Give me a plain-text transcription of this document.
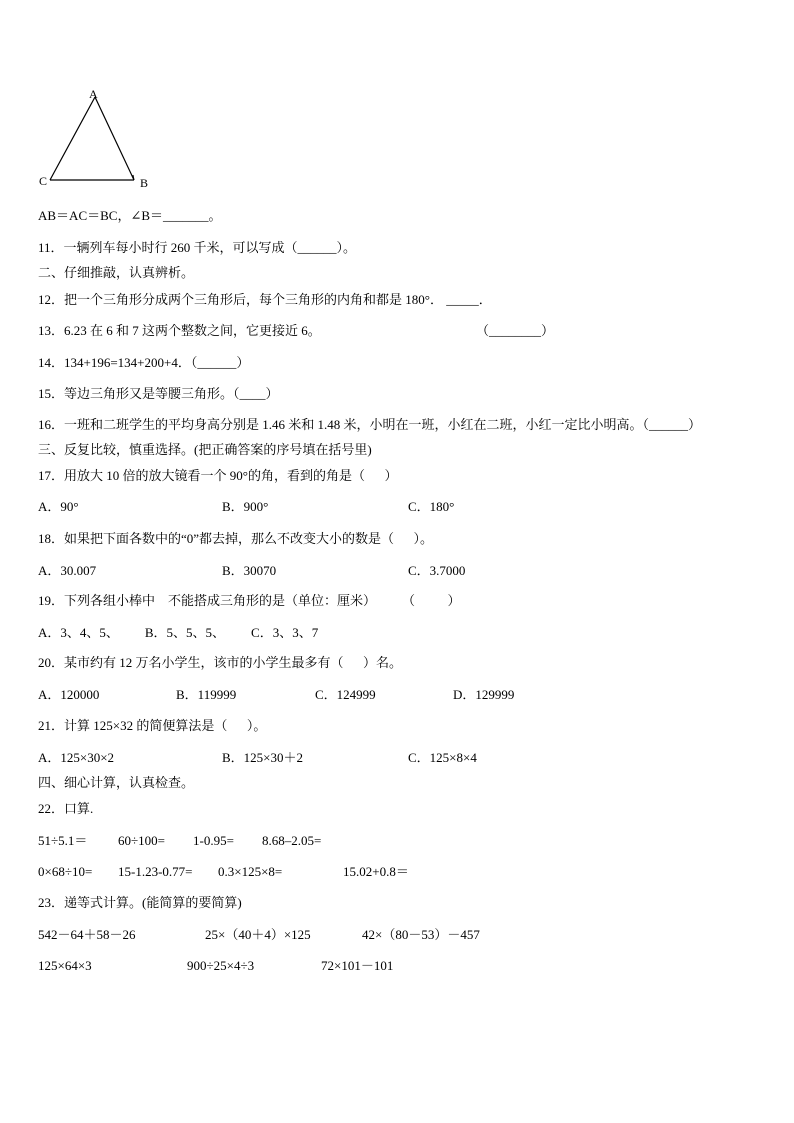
A
B
C
AB＝AC＝BC，∠B＝_______。
11．一辆列车每小时行 260 千米，可以写成（______）。
二、仔细推敲，认真辨析。
12．把一个三角形分成两个三角形后，每个三角形的内角和都是 180°． _____．
13．6.23 在 6 和 7 这两个整数之间，它更接近 6。	（________）
14．134+196=134+200+4．（______）
15．等边三角形又是等腰三角形。（____）
16．一班和二班学生的平均身高分别是 1.46 米和 1.48 米，小明在一班，小红在二班，小红一定比小明高。（______）
三、反复比较，慎重选择。(把正确答案的序号填在括号里)
17．用放大 10 倍的放大镜看一个 90°的角，看到的角是（      ）
A．90°	B．900°	C．180°
18．如果把下面各数中的“0”都去掉，那么不改变大小的数是（      ）。
A．30.007	B．30070	C．3.7000
19．下列各组小棒中    不能搭成三角形的是（单位：厘米）        （          ）
A．3、4、5、        B．5、5、5、        C．3、3、7
20．某市约有 12 万名小学生，该市的小学生最多有（      ）名。
A．120000	B．119999	C．124999	D．129999
21．计算 125×32 的简便算法是（      ）。
A．125×30×2	B．125×30＋2	C．125×8×4
四、细心计算，认真检查。
22．口算.
51÷5.1＝ 60÷100= 1-0.95= 8.68–2.05=
0×68÷10= 15-1.23-0.77= 0.3×125×8=	15.02+0.8＝
23．递等式计算。(能简算的要简算)
542－64＋58－26	25×（40＋4）×125	42×（80－53）－457
125×64×3	900÷25×4÷3	72×101－101
